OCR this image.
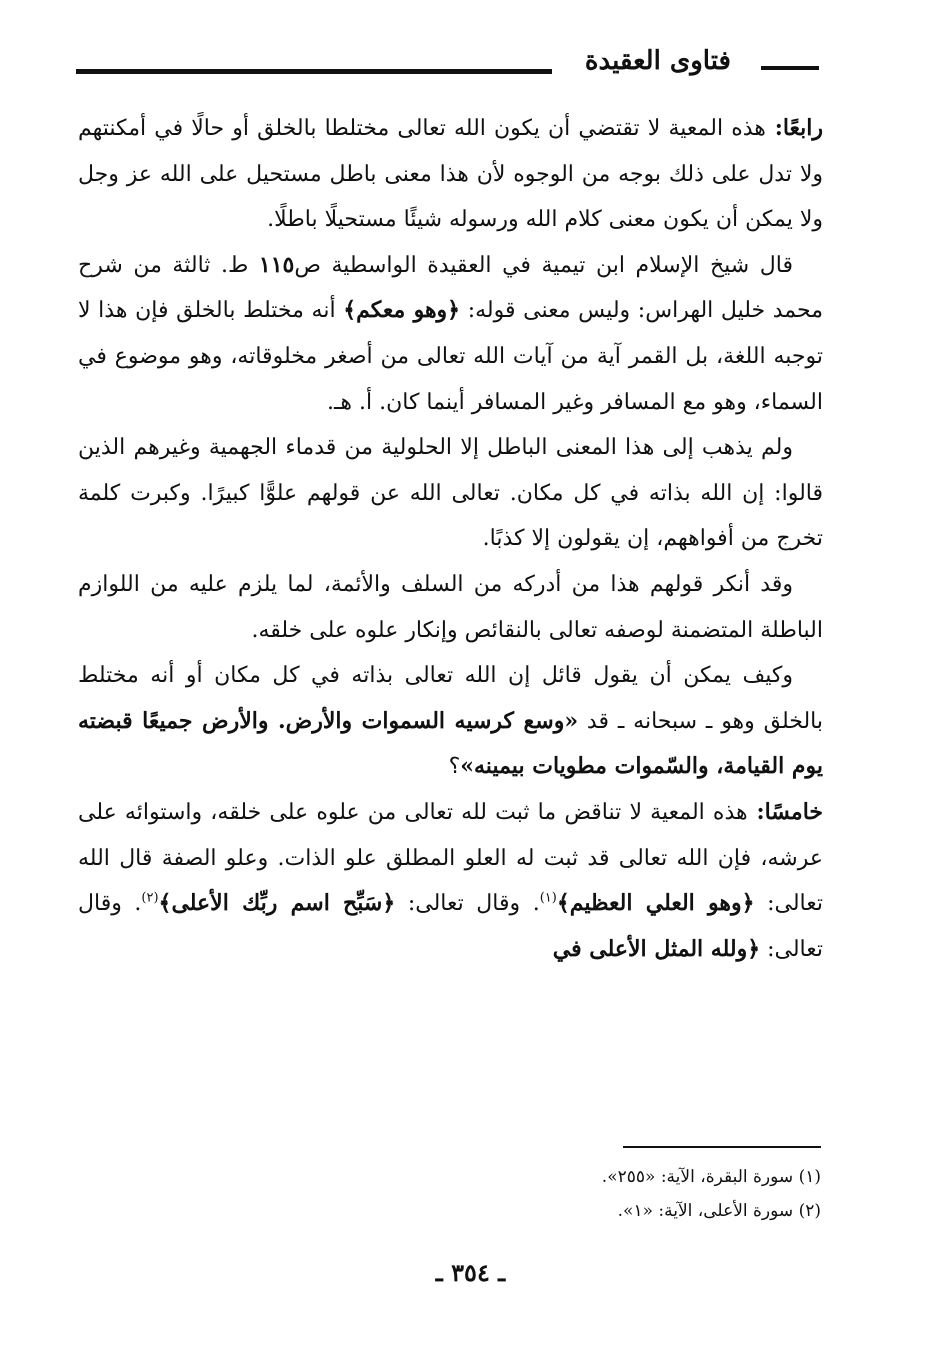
فتاوى العقيدة

رابعًا: هذه المعية لا تقتضي أن يكون الله تعالى مختلطا بالخلق أو حالًا في أمكنتهم ولا تدل على ذلك بوجه من الوجوه لأن هذا معنى باطل مستحيل على الله عز وجل ولا يمكن أن يكون معنى كلام الله ورسوله شيئًا مستحيلًا باطلًا.

قال شيخ الإسلام ابن تيمية في العقيدة الواسطية ص١١٥ ط. ثالثة من شرح محمد خليل الهراس: وليس معنى قوله: ﴿وهو معكم﴾ أنه مختلط بالخلق فإن هذا لا توجبه اللغة، بل القمر آية من آيات الله تعالى من أصغر مخلوقاته، وهو موضوع في السماء، وهو مع المسافر وغير المسافر أينما كان. أ. هـ.

ولم يذهب إلى هذا المعنى الباطل إلا الحلولية من قدماء الجهمية وغيرهم الذين قالوا: إن الله بذاته في كل مكان. تعالى الله عن قولهم علوًّا كبيرًا. وكبرت كلمة تخرج من أفواههم، إن يقولون إلا كذبًا.

وقد أنكر قولهم هذا من أدركه من السلف والأئمة، لما يلزم عليه من اللوازم الباطلة المتضمنة لوصفه تعالى بالنقائص وإنكار علوه على خلقه.

وكيف يمكن أن يقول قائل إن الله تعالى بذاته في كل مكان أو أنه مختلط بالخلق وهو ـ سبحانه ـ قد «وسع كرسيه السموات والأرض. والأرض جميعًا قبضته يوم القيامة، والسّموات مطويات بيمينه»؟

خامسًا: هذه المعية لا تناقض ما ثبت لله تعالى من علوه على خلقه، واستوائه على عرشه، فإن الله تعالى قد ثبت له العلو المطلق علو الذات. وعلو الصفة قال الله تعالى: ﴿وهو العلي العظيم﴾$^{(١)}$. وقال تعالى: ﴿سَبِّح اسم ربِّك الأعلى﴾$^{(٢)}$. وقال تعالى: ﴿ولله المثل الأعلى في

(١) سورة البقرة، الآية: «٢٥٥».
(٢) سورة الأعلى، الآية: «١».
ـ ٣٥٤ ـ
